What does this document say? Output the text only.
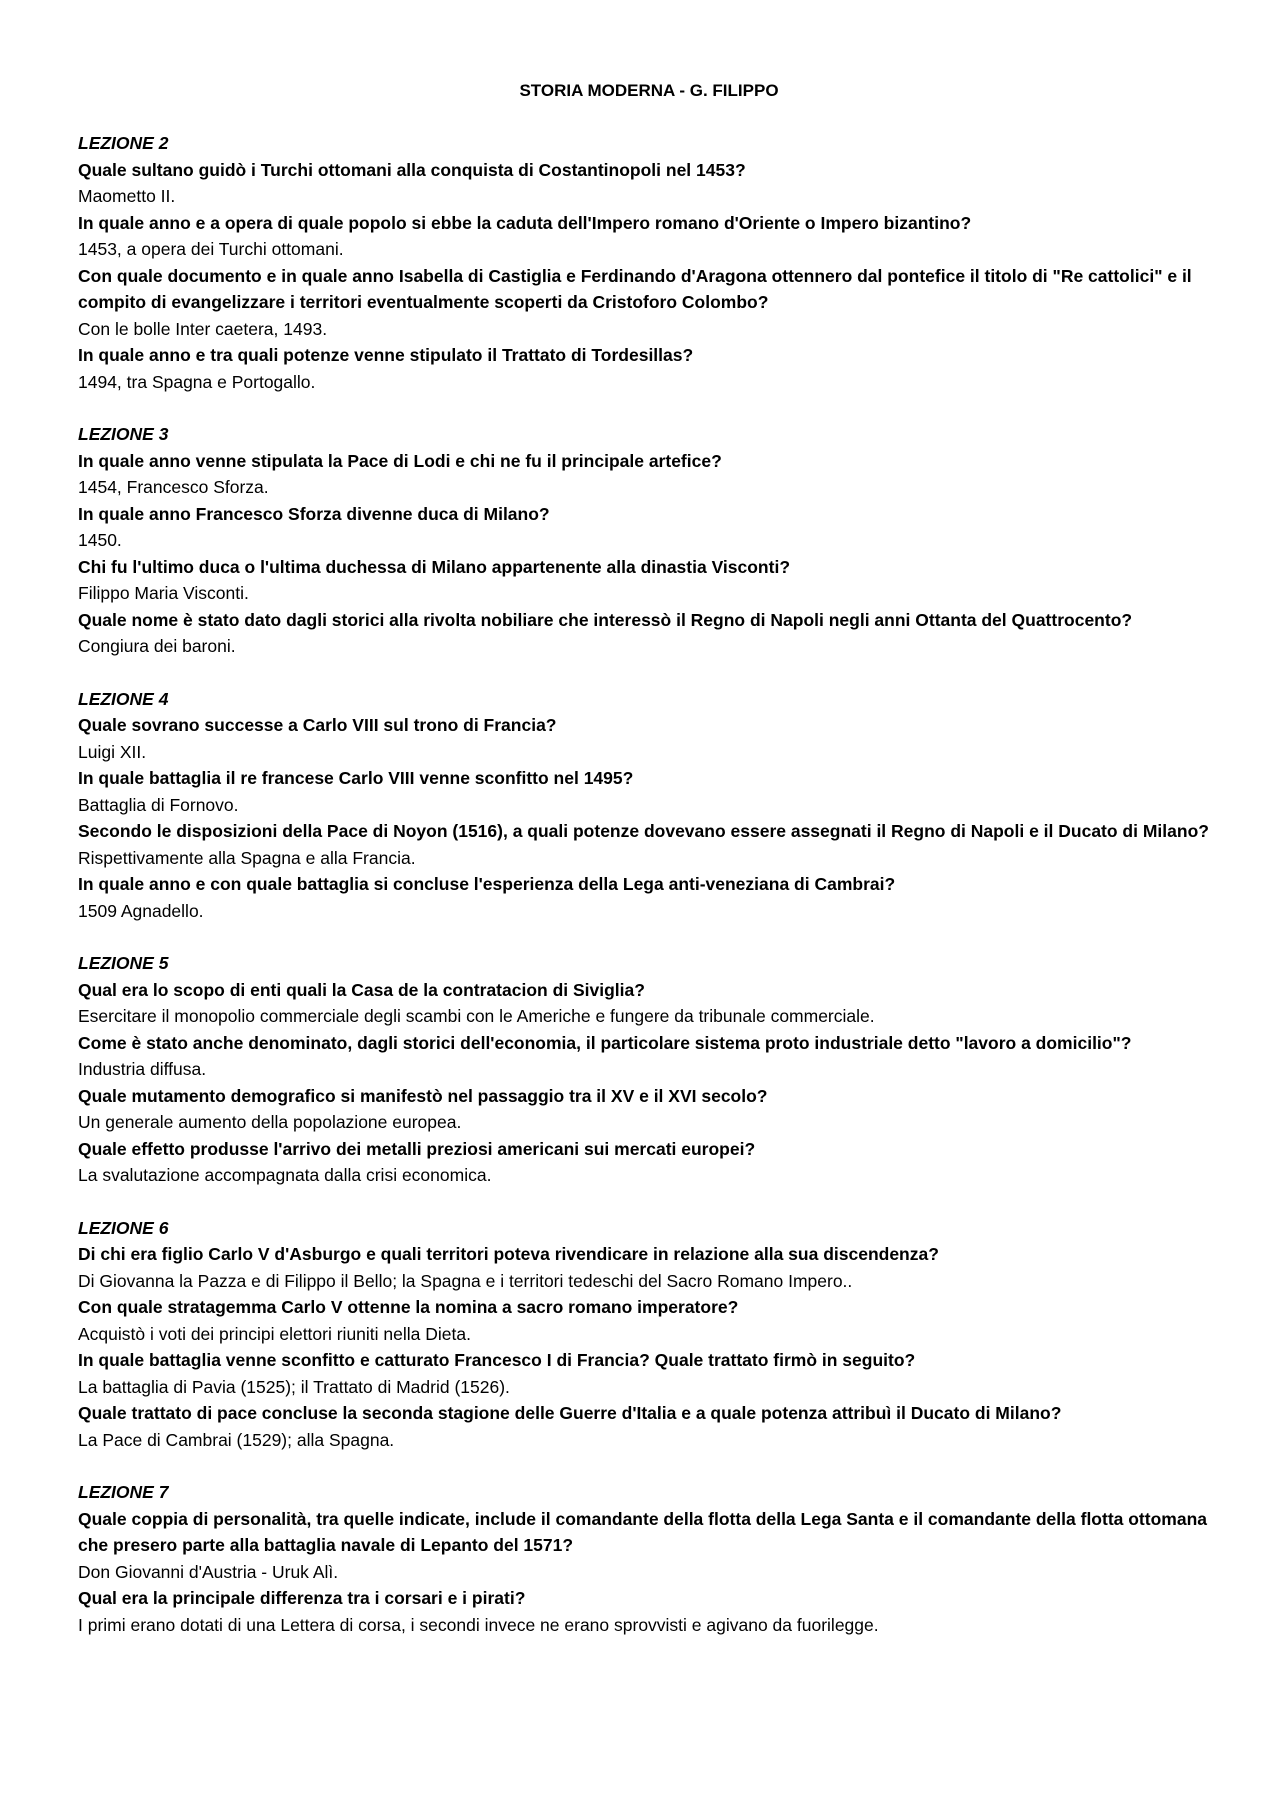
STORIA MODERNA - G. FILIPPO
LEZIONE 2
Quale sultano guidò i Turchi ottomani alla conquista di Costantinopoli nel 1453?
Maometto II.
In quale anno e a opera di quale popolo si ebbe la caduta dell'Impero romano d'Oriente o Impero bizantino?
1453, a opera dei Turchi ottomani.
Con quale documento e in quale anno Isabella di Castiglia e Ferdinando d'Aragona ottennero dal pontefice il titolo di "Re cattolici" e il compito di evangelizzare i territori eventualmente scoperti da Cristoforo Colombo?
Con le bolle Inter caetera, 1493.
In quale anno e tra quali potenze venne stipulato il Trattato di Tordesillas?
1494, tra Spagna e Portogallo.
LEZIONE 3
In quale anno venne stipulata la Pace di Lodi e chi ne fu il principale artefice?
1454, Francesco Sforza.
In quale anno Francesco Sforza divenne duca di Milano?
1450.
Chi fu l'ultimo duca o l'ultima duchessa di Milano appartenente alla dinastia Visconti?
Filippo Maria Visconti.
Quale nome è stato dato dagli storici alla rivolta nobiliare che interessò il Regno di Napoli negli anni Ottanta del Quattrocento?
Congiura dei baroni.
LEZIONE 4
Quale sovrano successe a Carlo VIII sul trono di Francia?
Luigi XII.
In quale battaglia il re francese Carlo VIII venne sconfitto nel 1495?
Battaglia di Fornovo.
Secondo le disposizioni della Pace di Noyon (1516), a quali potenze dovevano essere assegnati il Regno di Napoli e il Ducato di Milano?
Rispettivamente alla Spagna e alla Francia.
In quale anno e con quale battaglia si concluse l'esperienza della Lega anti-veneziana di Cambrai?
1509 Agnadello.
LEZIONE 5
Qual era lo scopo di enti quali la Casa de la contratacion di Siviglia?
Esercitare il monopolio commerciale degli scambi con le Americhe e fungere da tribunale commerciale.
Come è stato anche denominato, dagli storici dell'economia, il particolare sistema proto industriale detto "lavoro a domicilio"?
Industria diffusa.
Quale mutamento demografico si manifestò nel passaggio tra il XV e il XVI secolo?
Un generale aumento della popolazione europea.
Quale effetto produsse l'arrivo dei metalli preziosi americani sui mercati europei?
La svalutazione accompagnata dalla crisi economica.
LEZIONE 6
Di chi era figlio Carlo V d'Asburgo e quali territori poteva rivendicare in relazione alla sua discendenza?
Di Giovanna la Pazza e di Filippo il Bello; la Spagna e i territori tedeschi del Sacro Romano Impero..
Con quale stratagemma Carlo V ottenne la nomina a sacro romano imperatore?
Acquistò i voti dei principi elettori riuniti nella Dieta.
In quale battaglia venne sconfitto e catturato Francesco I di Francia? Quale trattato firmò in seguito?
La battaglia di Pavia (1525); il Trattato di Madrid (1526).
Quale trattato di pace concluse la seconda stagione delle Guerre d'Italia e a quale potenza attribuì il Ducato di Milano?
La Pace di Cambrai (1529); alla Spagna.
LEZIONE 7
Quale coppia di personalità, tra quelle indicate, include il comandante della flotta della Lega Santa e il comandante della flotta ottomana che presero parte alla battaglia navale di Lepanto del 1571?
Don Giovanni d'Austria - Uruk Alì.
Qual era la principale differenza tra i corsari e i pirati?
I primi erano dotati di una Lettera di corsa, i secondi invece ne erano sprovvisti e agivano da fuorilegge.
